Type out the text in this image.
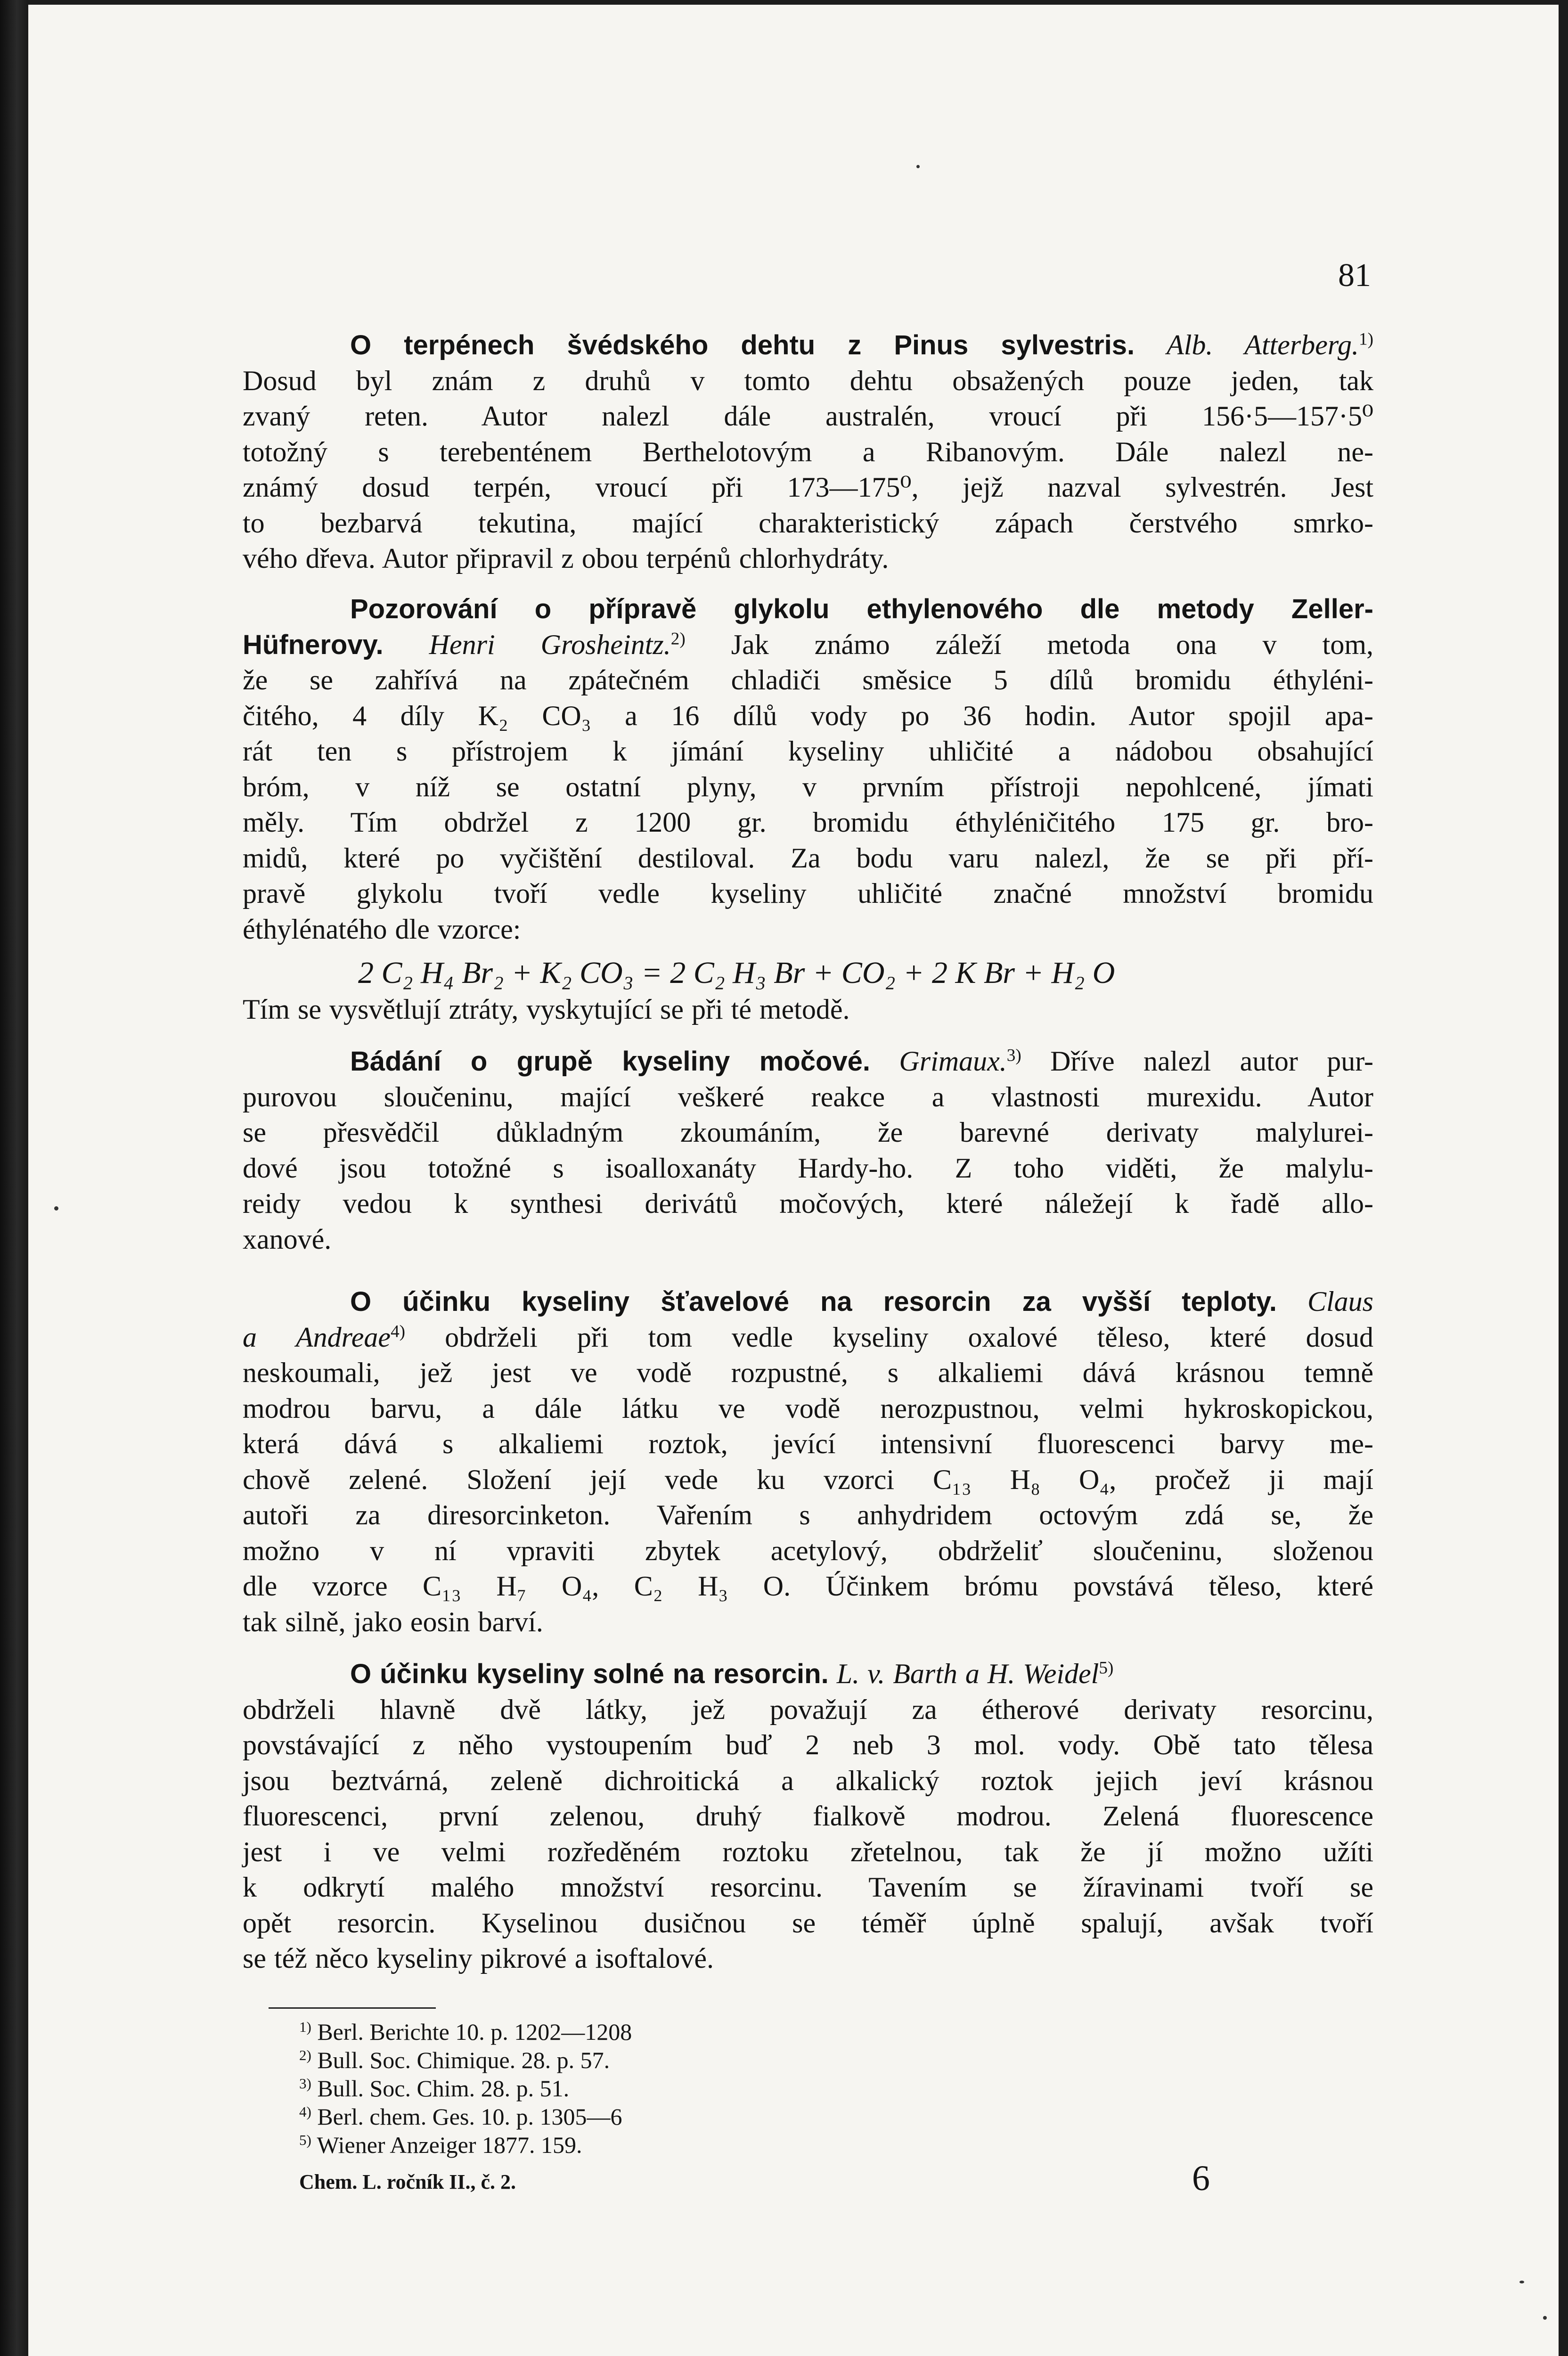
81
O terpénech švédského dehtu z Pinus sylvestris. Alb. Atterberg.$^{1)}$
Dosud byl znám z druhů v tomto dehtu obsažených pouze jeden, tak
zvaný reten. Autor nalezl dále australén, vroucí při 156·5—157·5⁰
totožný s terebenténem Berthelotovým a Ribanovým. Dále nalezl ne-
známý dosud terpén, vroucí při 173—175⁰, jejž nazval sylvestrén. Jest
to bezbarvá tekutina, mající charakteristický zápach čerstvého smrko-
vého dřeva. Autor připravil z obou terpénů chlorhydráty.
Pozorování o přípravě glykolu ethylenového dle metody Zeller-
Hüfnerovy. Henri Grosheintz.$^{2)}$ Jak známo záleží metoda ona v tom,
že se zahřívá na zpátečném chladiči směsice 5 dílů bromidu éthyléni-
čitého, 4 díly K₂ CO₃ a 16 dílů vody po 36 hodin. Autor spojil apa-
rát ten s přístrojem k jímání kyseliny uhličité a nádobou obsahující
bróm, v níž se ostatní plyny, v prvním přístroji nepohlcené, jímati
měly. Tím obdržel z 1200 gr. bromidu éthyléničitého 175 gr. bro-
midů, které po vyčištění destiloval. Za bodu varu nalezl, že se při pří-
pravě glykolu tvoří vedle kyseliny uhličité značné množství bromidu
éthylénatého dle vzorce:
2 C₂ H₄ Br₂ + K₂ CO₃ = 2 C₂ H₃ Br + CO₂ + 2 K Br + H₂ O
Tím se vysvětlují ztráty, vyskytující se při té metodě.
Bádání o grupě kyseliny močové. Grimaux.$^{3)}$ Dříve nalezl autor pur-
purovou sloučeninu, mající veškeré reakce a vlastnosti murexidu. Autor
se přesvědčil důkladným zkoumáním, že barevné derivaty malylurei-
dové jsou totožné s isoalloxanáty Hardy-ho. Z toho viděti, že malylu-
reidy vedou k synthesi derivátů močových, které náležejí k řadě allo-
xanové.
O účinku kyseliny šťavelové na resorcin za vyšší teploty. Claus
a Andreae$^{4)}$ obdrželi při tom vedle kyseliny oxalové těleso, které dosud
neskoumali, jež jest ve vodě rozpustné, s alkaliemi dává krásnou temně
modrou barvu, a dále látku ve vodě nerozpustnou, velmi hykroskopickou,
která dává s alkaliemi roztok, jevící intensivní fluorescenci barvy me-
chově zelené. Složení její vede ku vzorci C₁₃ H₈ O₄, pročež ji mají
autoři za diresorcinketon. Vařením s anhydridem octovým zdá se, že
možno v ní vpraviti zbytek acetylový, obdrželiť sloučeninu, složenou
dle vzorce C₁₃ H₇ O₄, C₂ H₃ O. Účinkem brómu povstává těleso, které
tak silně, jako eosin barví.
O účinku kyseliny solné na resorcin. L. v. Barth a H. Weidel$^{5)}$
obdrželi hlavně dvě látky, jež považují za étherové derivaty resorcinu,
povstávající z něho vystoupením buď 2 neb 3 mol. vody. Obě tato tělesa
jsou beztvárná, zeleně dichroitická a alkalický roztok jejich jeví krásnou
fluorescenci, první zelenou, druhý fialkově modrou. Zelená fluorescence
jest i ve velmi rozředěném roztoku zřetelnou, tak že jí možno užíti
k odkrytí malého množství resorcinu. Tavením se žíravinami tvoří se
opět resorcin. Kyselinou dusičnou se téměř úplně spalují, avšak tvoří
se též něco kyseliny pikrové a isoftalové.
$^{1)}$ Berl. Berichte 10. p. 1202—1208
$^{2)}$ Bull. Soc. Chimique. 28. p. 57.
$^{3)}$ Bull. Soc. Chim. 28. p. 51.
$^{4)}$ Berl. chem. Ges. 10. p. 1305—6
$^{5)}$ Wiener Anzeiger 1877. 159.
Chem. L. ročník II., č. 2.	6
